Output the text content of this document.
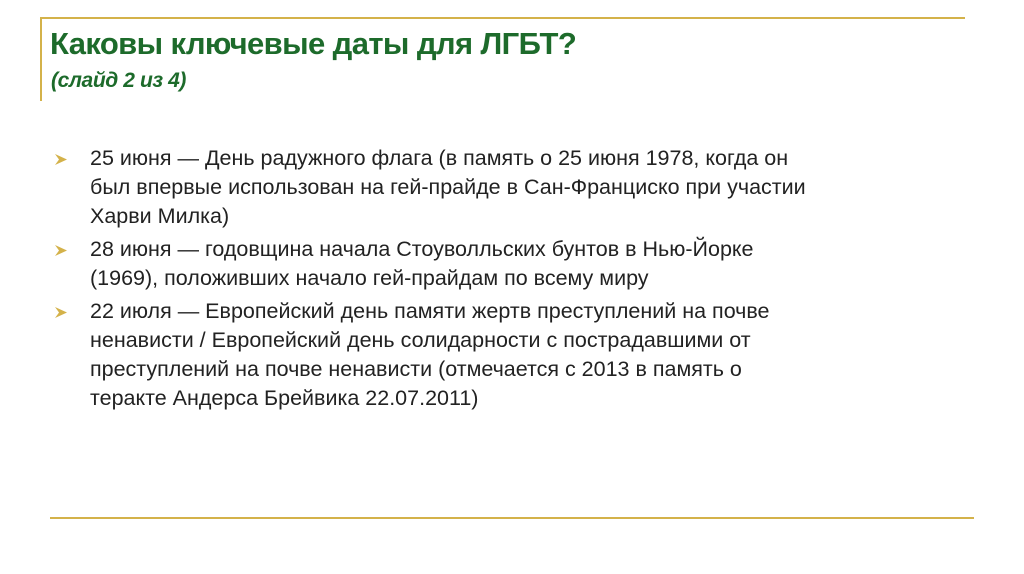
Каковы ключевые даты для ЛГБТ?
(слайд 2 из 4)
25 июня — День радужного флага (в память о 25 июня 1978, когда он
был впервые использован на гей-прайде в Сан-Франциско при участии
Харви Милка)
28 июня — годовщина начала Стоуволльских бунтов в Нью-Йорке
(1969), положивших начало гей-прайдам по всему миру
22 июля — Европейский день памяти жертв преступлений на почве
ненависти / Европейский день солидарности с пострадавшими от
преступлений на почве ненависти (отмечается с 2013 в память о
теракте Андерса Брейвика 22.07.2011)
